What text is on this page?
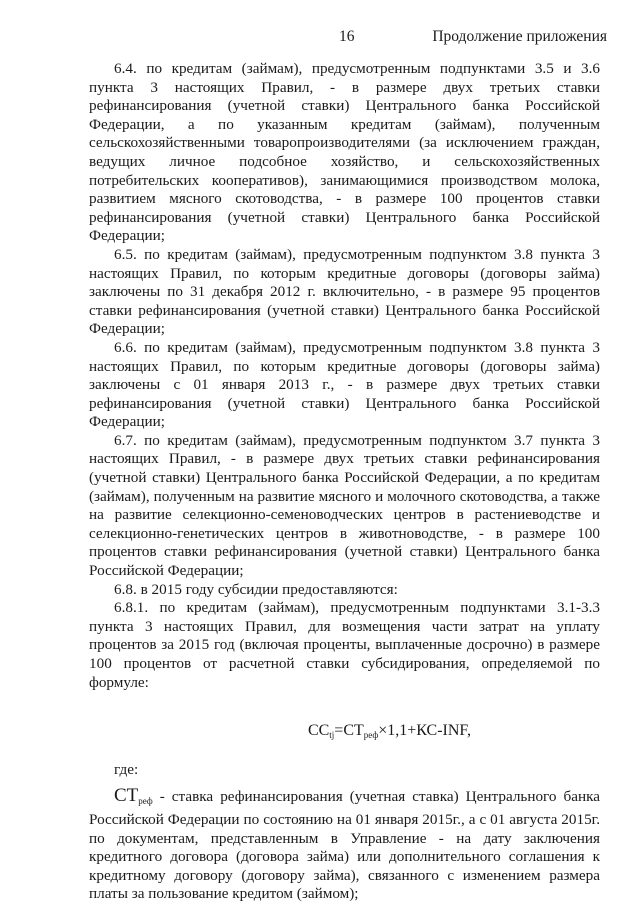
16	Продолжение приложения

6.4. по кредитам (займам), предусмотренным подпунктами 3.5 и 3.6 пункта 3 настоящих Правил, - в размере двух третьих ставки рефинансирования (учетной ставки) Центрального банка Российской Федерации, а по указанным кредитам (займам), полученным сельскохозяйственными товаропроизводителями (за исключением граждан, ведущих личное подсобное хозяйство, и сельскохозяйственных потребительских кооперативов), занимающимися производством молока, развитием мясного скотоводства, - в размере 100 процентов ставки рефинансирования (учетной ставки) Центрального банка Российской Федерации;

6.5. по кредитам (займам), предусмотренным подпунктом 3.8 пункта 3 настоящих Правил, по которым кредитные договоры (договоры займа) заключены по 31 декабря 2012 г. включительно, - в размере 95 процентов ставки рефинансирования (учетной ставки) Центрального банка Российской Федерации;

6.6. по кредитам (займам), предусмотренным подпунктом 3.8 пункта 3 настоящих Правил, по которым кредитные договоры (договоры займа) заключены с 01 января 2013 г., - в размере двух третьих ставки рефинансирования (учетной ставки) Центрального банка Российской Федерации;

6.7. по кредитам (займам), предусмотренным подпунктом 3.7 пункта 3 настоящих Правил, - в размере двух третьих ставки рефинансирования (учетной ставки) Центрального банка Российской Федерации, а по кредитам (займам), полученным на развитие мясного и молочного скотоводства, а также на развитие селекционно-семеноводческих центров в растениеводстве и селекционно-генетических центров в животноводстве, - в размере 100 процентов ставки рефинансирования (учетной ставки) Центрального банка Российской Федерации;

6.8. в 2015 году субсидии предоставляются:

6.8.1. по кредитам (займам), предусмотренным подпунктами 3.1-3.3 пункта 3 настоящих Правил, для возмещения части затрат на уплату процентов за 2015 год (включая проценты, выплаченные досрочно) в размере 100 процентов от расчетной ставки субсидирования, определяемой по формуле:

$СС_{tj}=СТ_{реф}\times 1,1+КС$-INF,

где:

$СТ_{реф}$ - ставка рефинансирования (учетная ставка) Центрального банка Российской Федерации по состоянию на 01 января 2015г., а с 01 августа 2015г. по документам, представленным в Управление - на дату заключения кредитного договора (договора займа) или дополнительного соглашения к кредитному договору (договору займа), связанного с изменением размера платы за пользование кредитом (займом);
